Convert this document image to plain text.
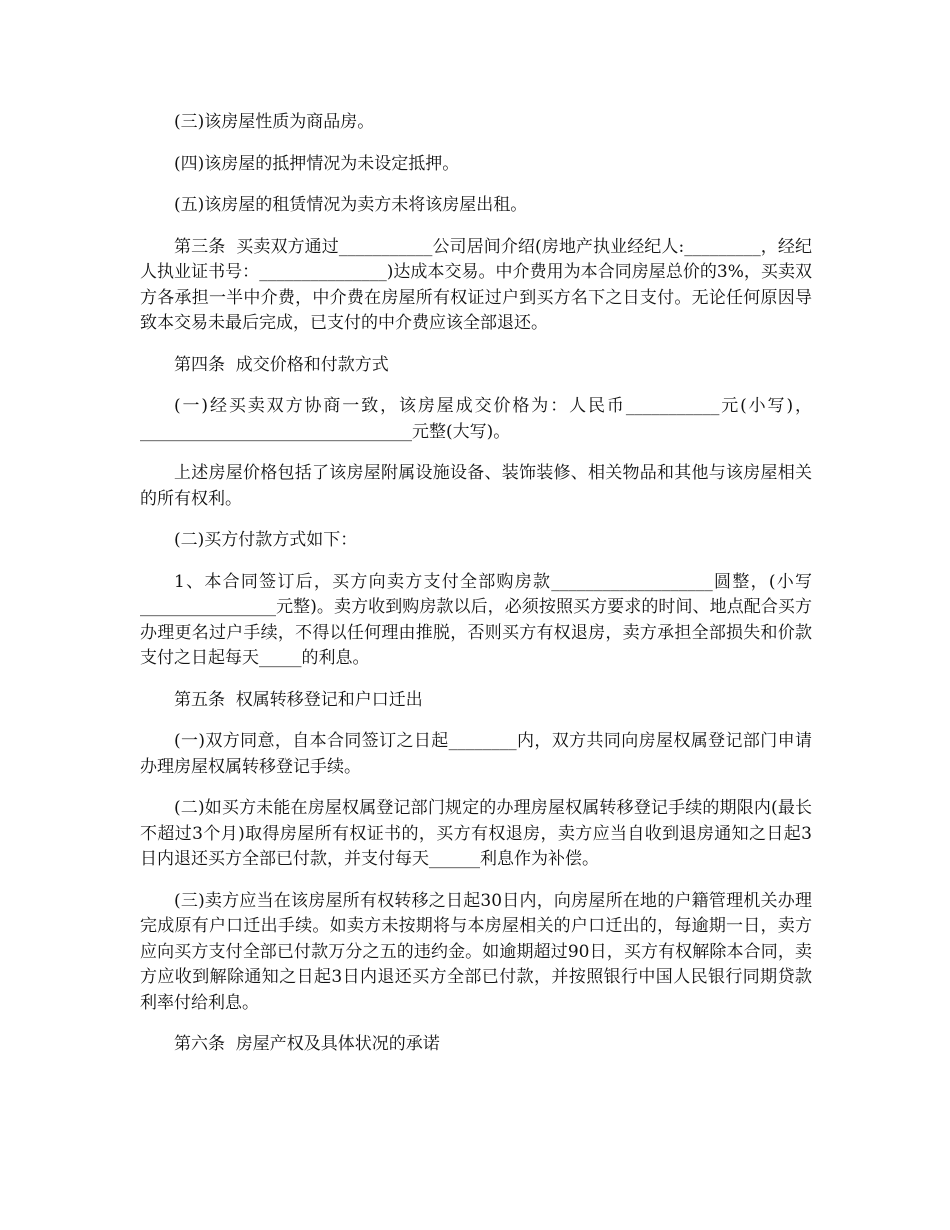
(三)该房屋性质为商品房。

(四)该房屋的抵押情况为未设定抵押。

(五)该房屋的租赁情况为卖方未将该房屋出租。

第三条  买卖双方通过___________公司居间介绍(房地产执业经纪人:_________，经纪人执业证书号：_______________)达成本交易。中介费用为本合同房屋总价的3%，买卖双方各承担一半中介费，中介费在房屋所有权证过户到买方名下之日支付。无论任何原因导致本交易未最后完成，已支付的中介费应该全部退还。

第四条  成交价格和付款方式

(一)经买卖双方协商一致，该房屋成交价格为：人民币___________元(小写)，________________________________元整(大写)。

上述房屋价格包括了该房屋附属设施设备、装饰装修、相关物品和其他与该房屋相关的所有权利。

(二)买方付款方式如下：

1、本合同签订后，买方向卖方支付全部购房款___________________圆整，(小写________________元整)。卖方收到购房款以后，必须按照买方要求的时间、地点配合买方办理更名过户手续，不得以任何理由推脱，否则买方有权退房，卖方承担全部损失和价款支付之日起每天_____的利息。

第五条  权属转移登记和户口迁出

(一)双方同意，自本合同签订之日起________内，双方共同向房屋权属登记部门申请办理房屋权属转移登记手续。

(二)如买方未能在房屋权属登记部门规定的办理房屋权属转移登记手续的期限内(最长不超过3个月)取得房屋所有权证书的，买方有权退房，卖方应当自收到退房通知之日起3日内退还买方全部已付款，并支付每天______利息作为补偿。

(三)卖方应当在该房屋所有权转移之日起30日内，向房屋所在地的户籍管理机关办理完成原有户口迁出手续。如卖方未按期将与本房屋相关的户口迁出的，每逾期一日，卖方应向买方支付全部已付款万分之五的违约金。如逾期超过90日，买方有权解除本合同，卖方应收到解除通知之日起3日内退还买方全部已付款，并按照银行中国人民银行同期贷款利率付给利息。

第六条  房屋产权及具体状况的承诺
